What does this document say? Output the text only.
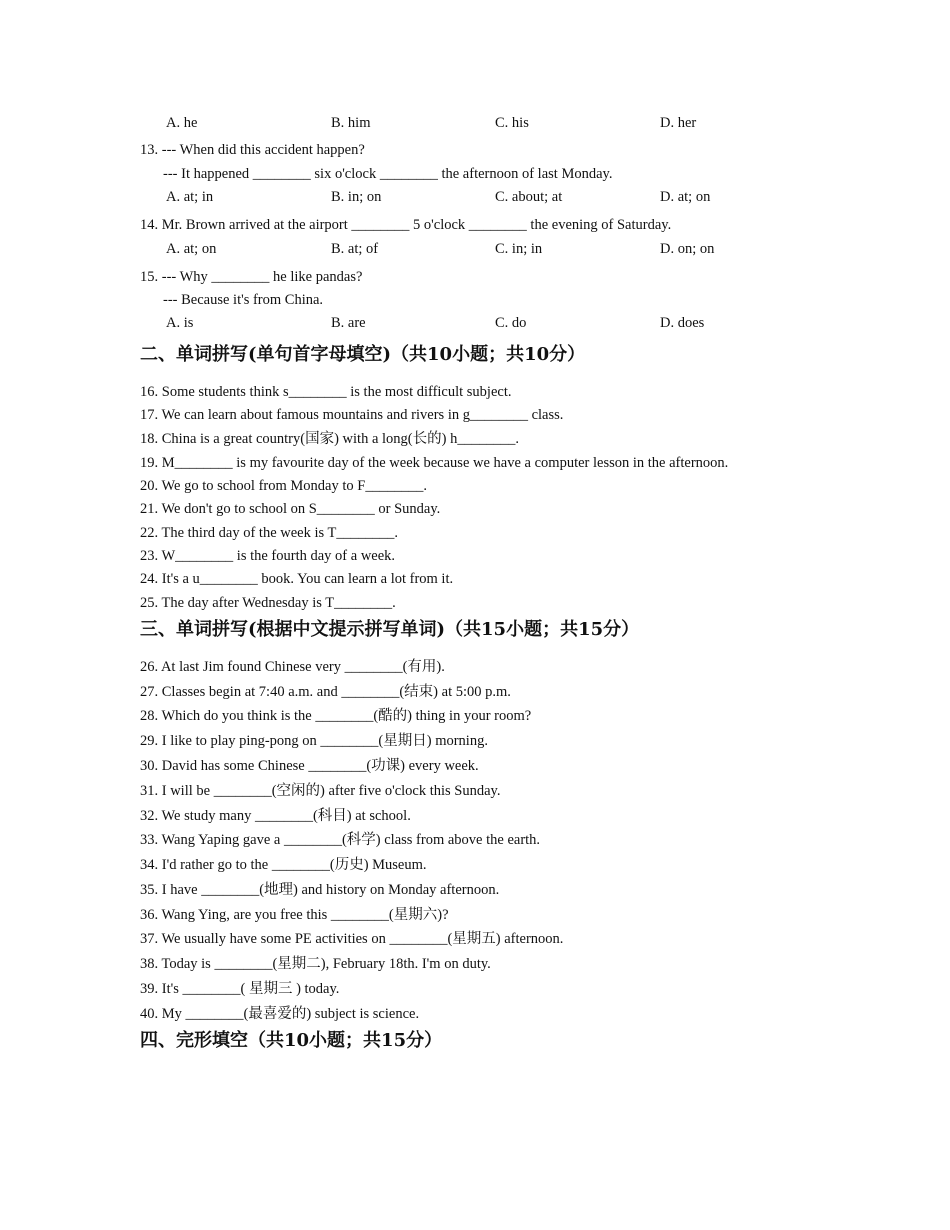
A. he	B. him	C. his	D. her
13. --- When did this accident happen?
--- It happened ________ six o'clock ________ the afternoon of last Monday.
A. at; in	B. in; on	C. about; at	D. at; on
14. Mr. Brown arrived at the airport ________ 5 o'clock ________ the evening of Saturday.
A. at; on	B. at; of	C. in; in	D. on; on
15. --- Why ________ he like pandas?
--- Because it's from China.
A. is	B. are	C. do	D. does
二、单词拼写(单句首字母填空)（共10小题；共10分）
16. Some students think s________ is the most difficult subject.
17. We can learn about famous mountains and rivers in g________ class.
18. China is a great country(国家) with a long(长的) h________.
19. M________ is my favourite day of the week because we have a computer lesson in the afternoon.
20. We go to school from Monday to F________.
21. We don't go to school on S________ or Sunday.
22. The third day of the week is T________.
23. W________ is the fourth day of a week.
24. It's a u________ book. You can learn a lot from it.
25. The day after Wednesday is T________.
三、单词拼写(根据中文提示拼写单词)（共15小题；共15分）
26. At last Jim found Chinese very ________(有用).
27. Classes begin at 7:40 a.m. and ________(结束) at 5:00 p.m.
28. Which do you think is the ________(酷的) thing in your room?
29. I like to play ping-pong on ________(星期日) morning.
30. David has some Chinese ________(功课) every week.
31. I will be ________(空闲的) after five o'clock this Sunday.
32. We study many ________(科目) at school.
33. Wang Yaping gave a ________(科学) class from above the earth.
34. I'd rather go to the ________(历史) Museum.
35. I have ________(地理) and history on Monday afternoon.
36. Wang Ying, are you free this ________(星期六)?
37. We usually have some PE activities on ________(星期五) afternoon.
38. Today is ________(星期二), February 18th. I'm on duty.
39. It's ________( 星期三 ) today.
40. My ________(最喜爱的) subject is science.
四、完形填空（共10小题；共15分）
